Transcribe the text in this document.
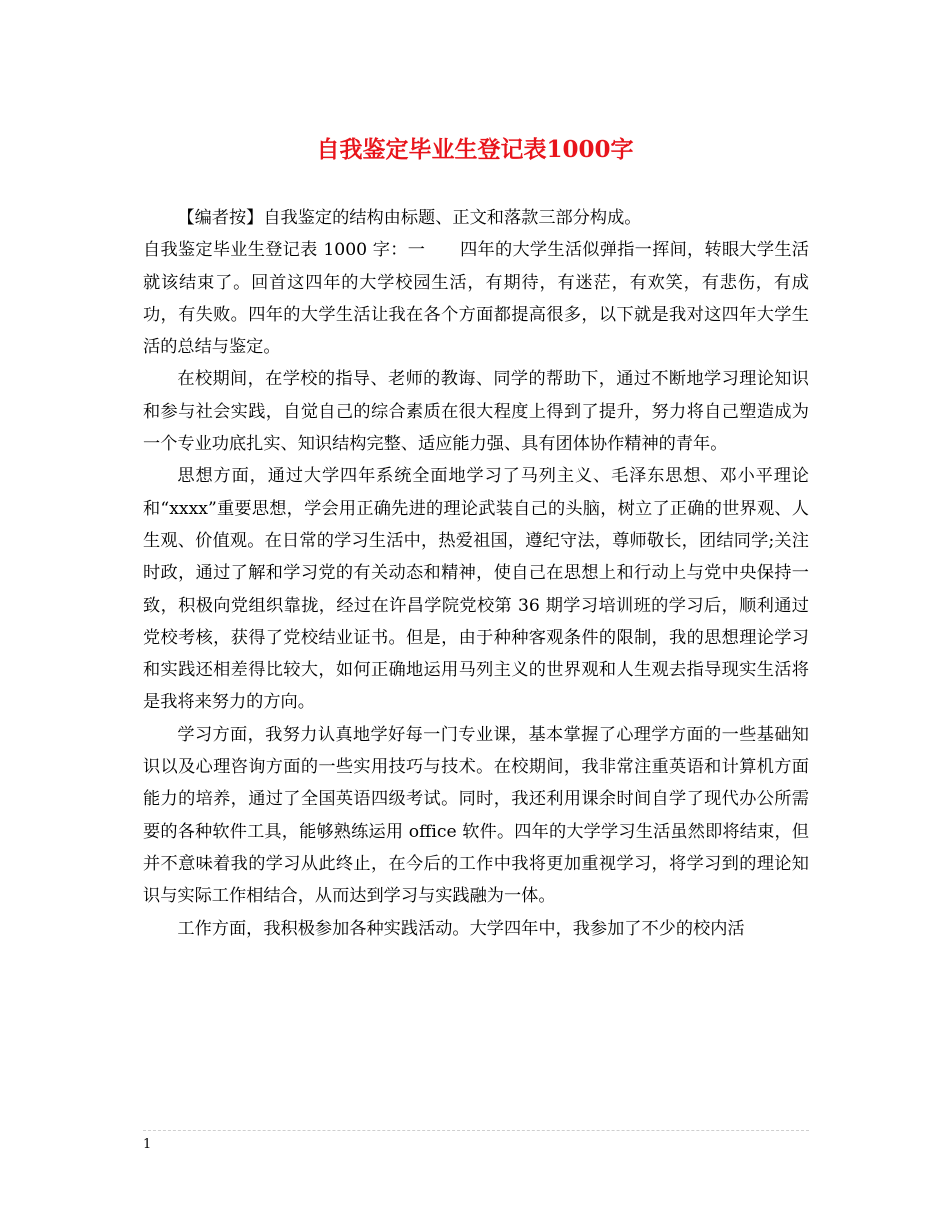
自我鉴定毕业生登记表1000字

【编者按】自我鉴定的结构由标题、正文和落款三部分构成。

自我鉴定毕业生登记表 1000 字：一　　四年的大学生活似弹指一挥间，转眼大学生活就该结束了。回首这四年的大学校园生活，有期待，有迷茫，有欢笑，有悲伤，有成功，有失败。四年的大学生活让我在各个方面都提高很多，以下就是我对这四年大学生活的总结与鉴定。

在校期间，在学校的指导、老师的教诲、同学的帮助下，通过不断地学习理论知识和参与社会实践，自觉自己的综合素质在很大程度上得到了提升，努力将自己塑造成为一个专业功底扎实、知识结构完整、适应能力强、具有团体协作精神的青年。

思想方面，通过大学四年系统全面地学习了马列主义、毛泽东思想、邓小平理论和“xxxx”重要思想，学会用正确先进的理论武装自己的头脑，树立了正确的世界观、人生观、价值观。在日常的学习生活中，热爱祖国，遵纪守法，尊师敬长，团结同学;关注时政，通过了解和学习党的有关动态和精神，使自己在思想上和行动上与党中央保持一致，积极向党组织靠拢，经过在许昌学院党校第 36 期学习培训班的学习后，顺利通过党校考核，获得了党校结业证书。但是，由于种种客观条件的限制，我的思想理论学习和实践还相差得比较大，如何正确地运用马列主义的世界观和人生观去指导现实生活将是我将来努力的方向。

学习方面，我努力认真地学好每一门专业课，基本掌握了心理学方面的一些基础知识以及心理咨询方面的一些实用技巧与技术。在校期间，我非常注重英语和计算机方面能力的培养，通过了全国英语四级考试。同时，我还利用课余时间自学了现代办公所需要的各种软件工具，能够熟练运用 office 软件。四年的大学学习生活虽然即将结束，但并不意味着我的学习从此终止，在今后的工作中我将更加重视学习，将学习到的理论知识与实际工作相结合，从而达到学习与实践融为一体。

工作方面，我积极参加各种实践活动。大学四年中，我参加了不少的校内活

1
